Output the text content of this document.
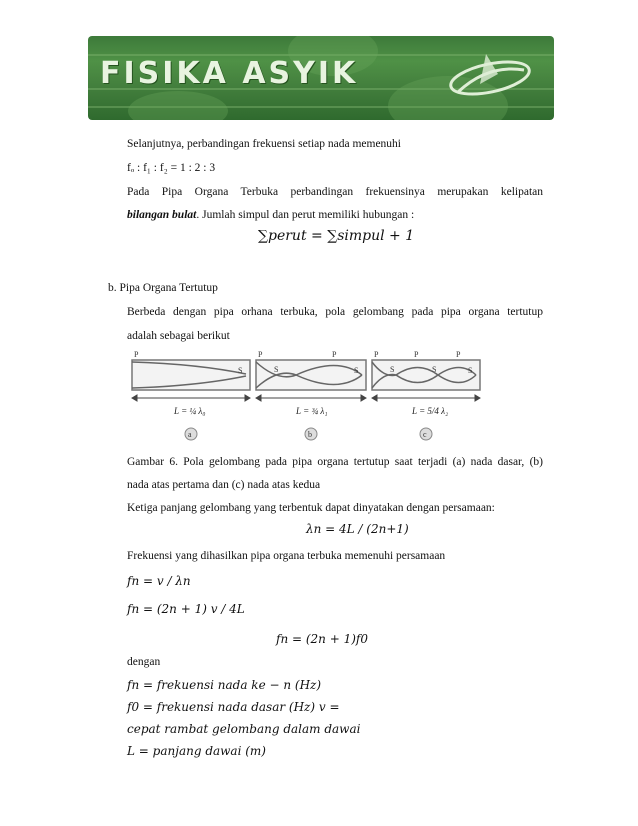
FISIKA ASYIK
Selanjutnya, perbandingan frekuensi setiap nada memenuhi
fₒ : f₁ : f₂ = 1 : 2 : 3
Pada Pipa Organa Terbuka perbandingan frekuensinya merupakan kelipatan
bilangan bulat. Jumlah simpul dan perut memiliki hubungan :
∑perut = ∑simpul + 1
b. Pipa Organa Tertutup
Berbeda dengan pipa orhana terbuka, pola gelombang pada pipa organa tertutup
adalah sebagai berikut
P
S
P	P
S	S
P	P	P
S	S	S
L = ¼ λ₀	L = ¾ λ₁	L = 5/4 λ₂
a	b	c
Gambar 6. Pola gelombang pada pipa organa tertutup saat terjadi (a) nada dasar, (b)
nada atas pertama dan (c) nada atas kedua
Ketiga panjang gelombang yang terbentuk dapat dinyatakan dengan persamaan:
λn = 4L / (2n+1)
Frekuensi yang dihasilkan pipa organa terbuka memenuhi persamaan
fn = v / λn
fn = (2n + 1) v / 4L
fn = (2n + 1)f0
dengan
fn = frekuensi nada ke − n (Hz)
f0 = frekuensi nada dasar (Hz) v =
cepat rambat gelombang dalam dawai
L = panjang dawai (m)
